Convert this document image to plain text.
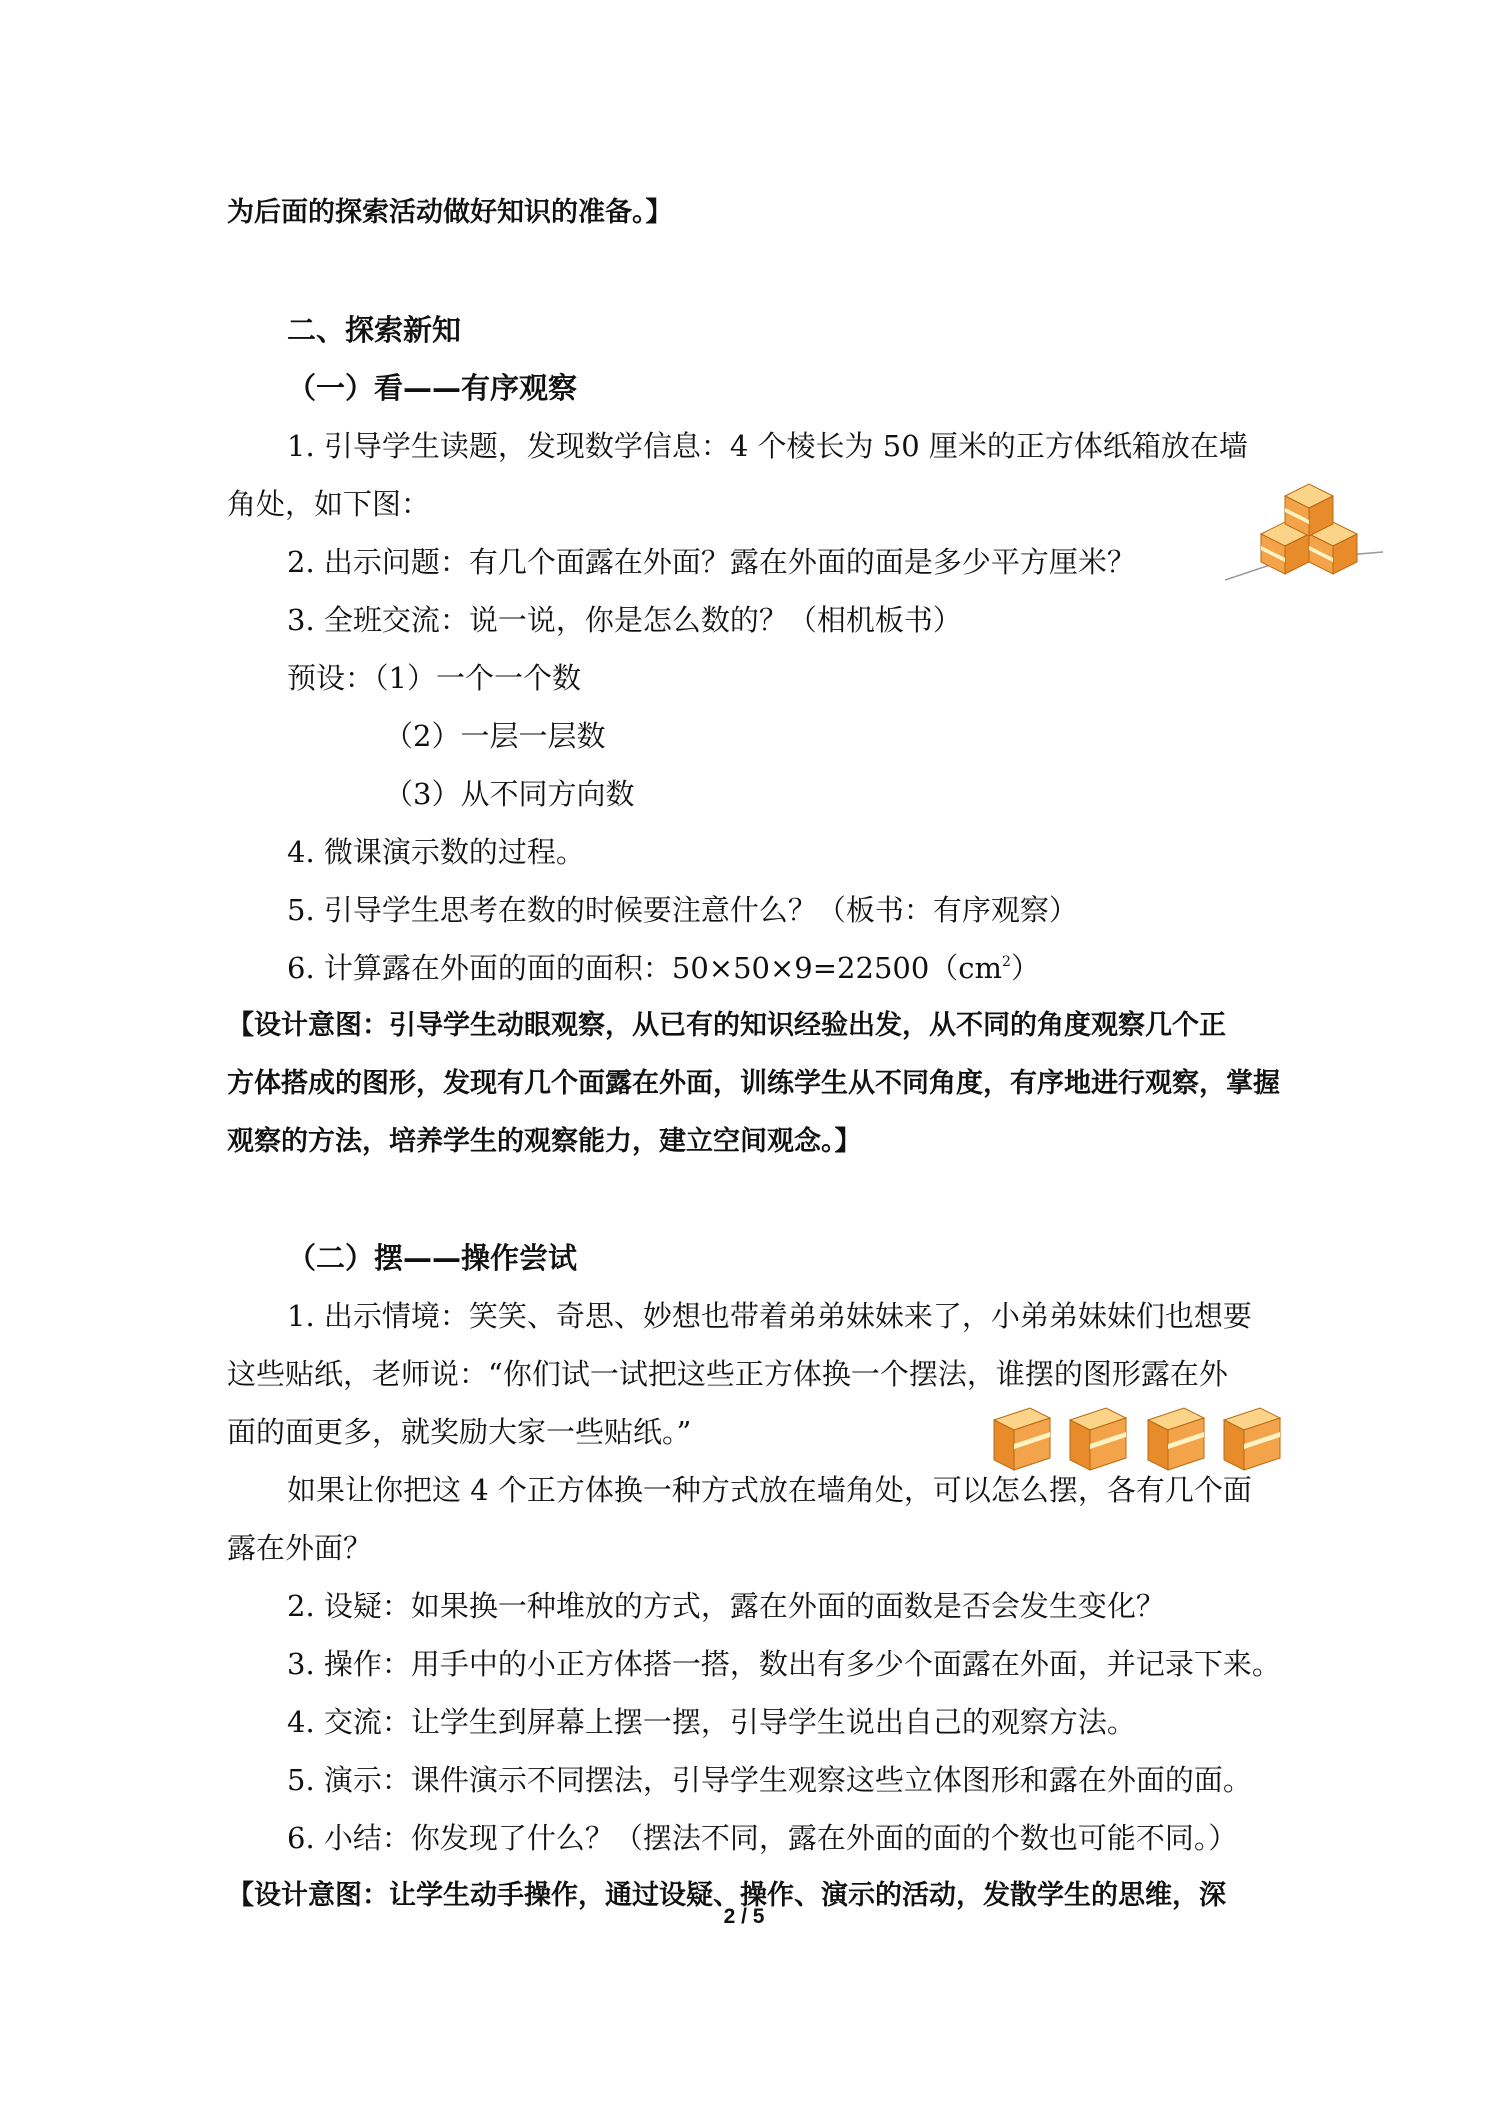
为后面的探索活动做好知识的准备。】
二、探索新知
（一）看——有序观察
1. 引导学生读题，发现数学信息：4 个棱长为 50 厘米的正方体纸箱放在墙
角处，如下图：
2. 出示问题：有几个面露在外面？露在外面的面是多少平方厘米？
3. 全班交流：说一说，你是怎么数的？（相机板书）
预设：（1）一个一个数
（2）一层一层数
（3）从不同方向数
4. 微课演示数的过程。
5. 引导学生思考在数的时候要注意什么？（板书：有序观察）
6. 计算露在外面的面的面积：$50\times 50\times 9=22500(cm^2)$
【设计意图：引导学生动眼观察，从已有的知识经验出发，从不同的角度观察几个正
方体搭成的图形，发现有几个面露在外面，训练学生从不同角度，有序地进行观察，掌握
观察的方法，培养学生的观察能力，建立空间观念。】
（二）摆——操作尝试
1. 出示情境：笑笑、奇思、妙想也带着弟弟妹妹来了，小弟弟妹妹们也想要
这些贴纸，老师说：“你们试一试把这些正方体换一个摆法，谁摆的图形露在外
面的面更多，就奖励大家一些贴纸。”
如果让你把这 4 个正方体换一种方式放在墙角处，可以怎么摆，各有几个面
露在外面？
2. 设疑：如果换一种堆放的方式，露在外面的面数是否会发生变化？
3. 操作：用手中的小正方体搭一搭，数出有多少个面露在外面，并记录下来。
4. 交流：让学生到屏幕上摆一摆，引导学生说出自己的观察方法。
5. 演示：课件演示不同摆法，引导学生观察这些立体图形和露在外面的面。
6. 小结：你发现了什么？（摆法不同，露在外面的面的个数也可能不同。）
【设计意图：让学生动手操作，通过设疑、操作、演示的活动，发散学生的思维，深
2 / 5
